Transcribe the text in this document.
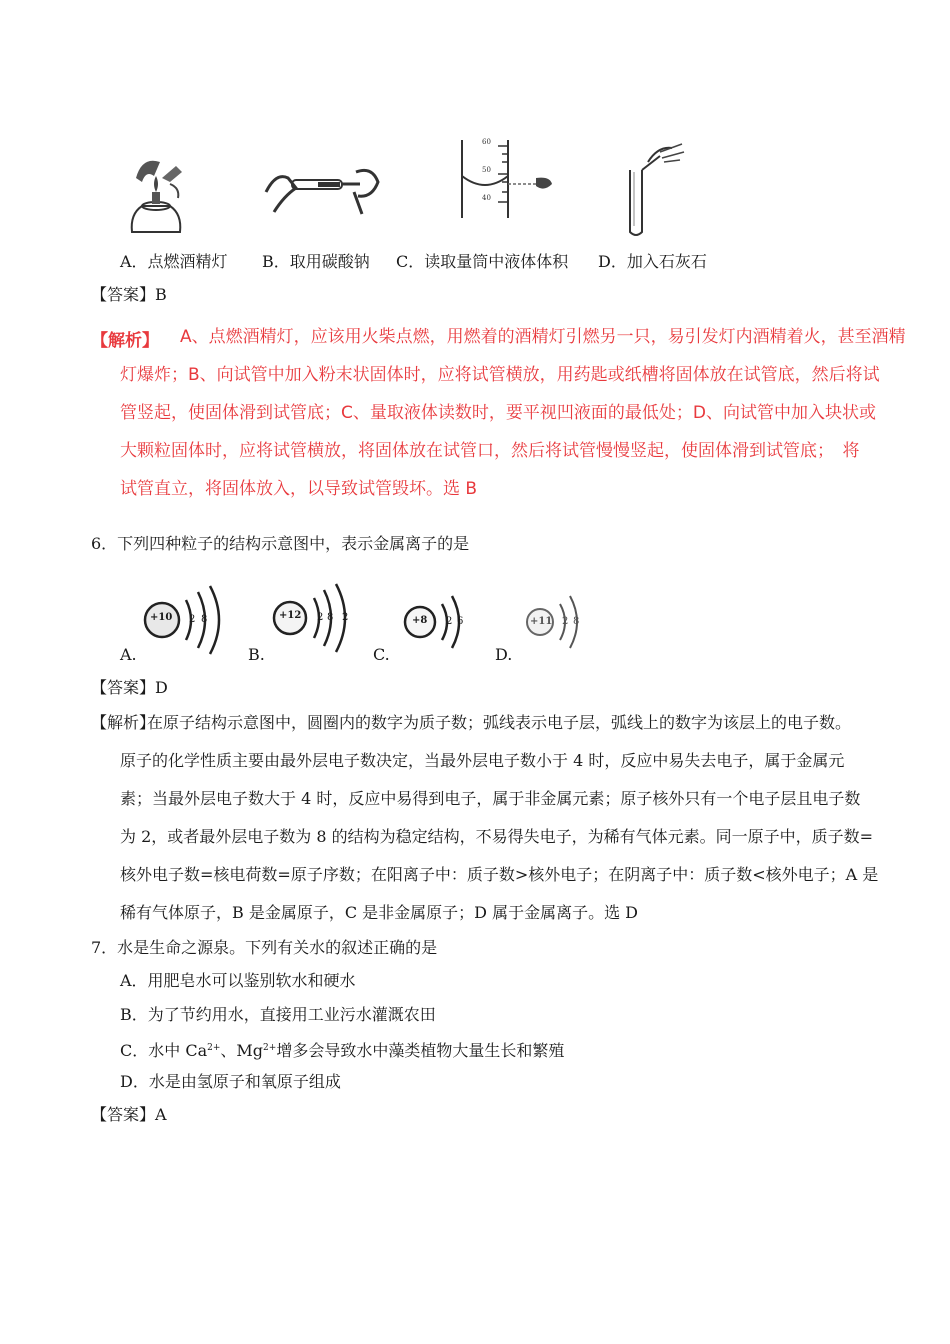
60
50
40
A．点燃酒精灯 B．取用碳酸钠 C．读取量筒中液体体积 D．加入石灰石
【答案】B
【解析】 A、点燃酒精灯，应该用火柴点燃，用燃着的酒精灯引燃另一只，易引发灯内酒精着火，甚至酒精
灯爆炸；B、向试管中加入粉末状固体时，应将试管横放，用药匙或纸槽将固体放在试管底，然后将试
管竖起，使固体滑到试管底；C、量取液体读数时，要平视凹液面的最低处；D、向试管中加入块状或
大颗粒固体时，应将试管横放，将固体放在试管口，然后将试管慢慢竖起，使固体滑到试管底；　将
试管直立，将固体放入，以导致试管毁坏。选 B
6．下列四种粒子的结构示意图中，表示金属离子的是
+10 2 8	+12 2 8 2	+8 2 6	+11 2 8
A.	B.	C.	D.
【答案】D
【解析】
在原子结构示意图中，圆圈内的数字为质子数；弧线表示电子层，弧线上的数字为该层上的电子数。
原子的化学性质主要由最外层电子数决定，当最外层电子数小于 4 时，反应中易失去电子，属于金属元
素；当最外层电子数大于 4 时，反应中易得到电子，属于非金属元素；原子核外只有一个电子层且电子数
为 2，或者最外层电子数为 8 的结构为稳定结构，不易得失电子，为稀有气体元素。同一原子中，质子数=
核外电子数=核电荷数=原子序数；在阳离子中：质子数>核外电子；在阴离子中：质子数<核外电子；A 是
稀有气体原子，B 是金属原子，C 是非金属原子；D 属于金属离子。选 D
7．水是生命之源泉。下列有关水的叙述正确的是
A．用肥皂水可以鉴别软水和硬水
B．为了节约用水，直接用工业污水灌溉农田
C．水中 $Ca^{2+}$、$Mg^{2+}$增多会导致水中藻类植物大量生长和繁殖
D．水是由氢原子和氧原子组成
【答案】A
